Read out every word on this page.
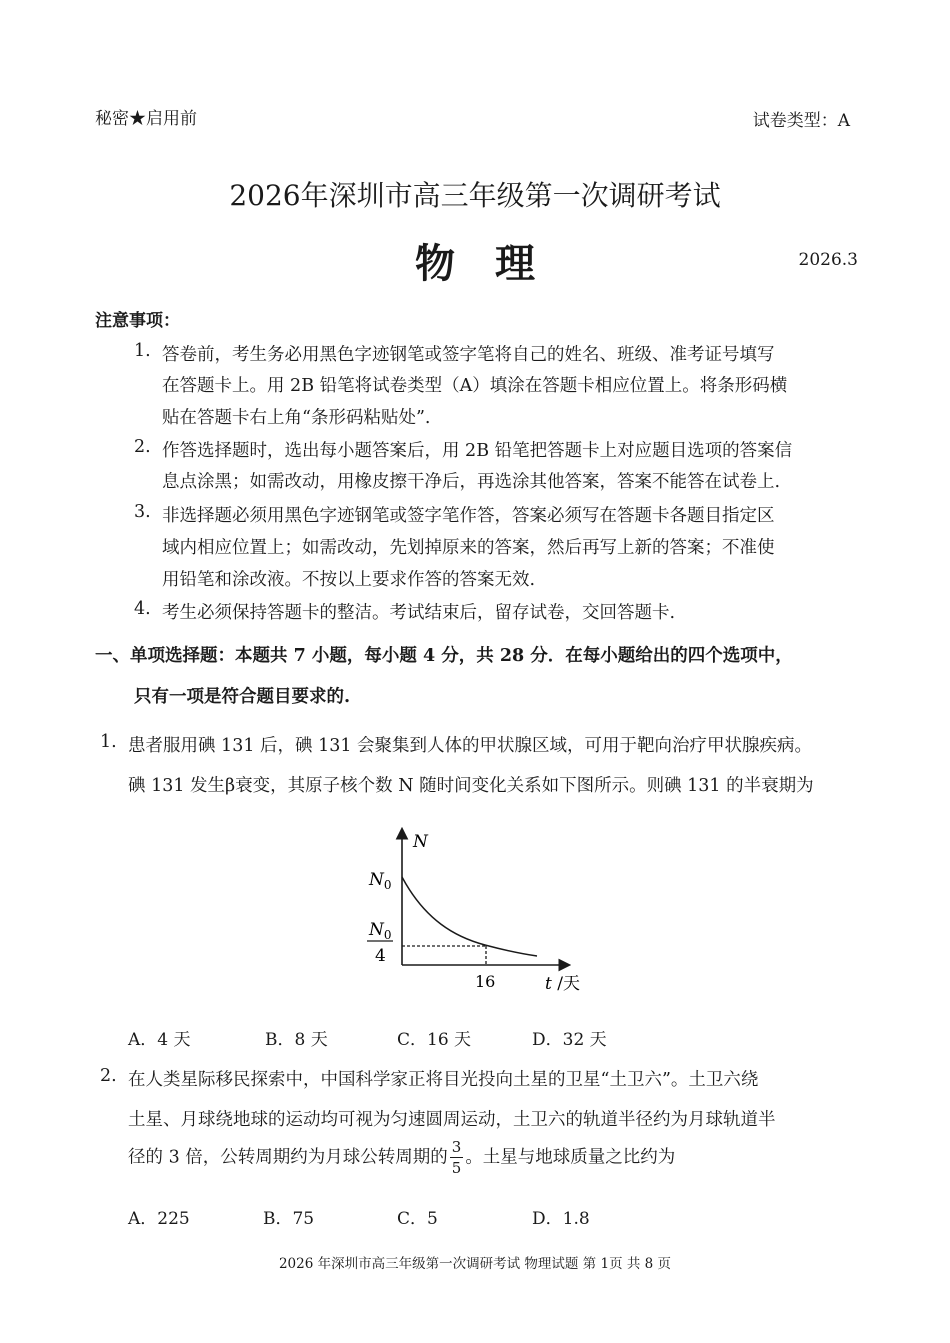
秘密★启用前	试卷类型：A
2026年深圳市高三年级第一次调研考试
物理	2026.3
注意事项：
1. 答卷前，考生务必用黑色字迹钢笔或签字笔将自己的姓名、班级、准考证号填写
在答题卡上。用 2B 铅笔将试卷类型（A）填涂在答题卡相应位置上。将条形码横
贴在答题卡右上角“条形码粘贴处”.
2. 作答选择题时，选出每小题答案后，用 2B 铅笔把答题卡上对应题目选项的答案信
息点涂黑；如需改动，用橡皮擦干净后，再选涂其他答案，答案不能答在试卷上.
3. 非选择题必须用黑色字迹钢笔或签字笔作答，答案必须写在答题卡各题目指定区
域内相应位置上；如需改动，先划掉原来的答案，然后再写上新的答案；不准使
用铅笔和涂改液。不按以上要求作答的答案无效.
4. 考生必须保持答题卡的整洁。考试结束后，留存试卷，交回答题卡.
一、单项选择题：本题共 7 小题，每小题 4 分，共 28 分．在每小题给出的四个选项中，
只有一项是符合题目要求的.
1. 患者服用碘 131 后，碘 131 会聚集到人体的甲状腺区域，可用于靶向治疗甲状腺疾病。
碘 131 发生β衰变，其原子核个数 N 随时间变化关系如下图所示。则碘 131 的半衰期为
N
$N_0$
$N_0$
4
16	t /天
A．4 天	B．8 天	C．16 天	D．32 天
2. 在人类星际移民探索中，中国科学家正将目光投向土星的卫星“土卫六”。土卫六绕
土星、月球绕地球的运动均可视为匀速圆周运动，土卫六的轨道半径约为月球轨道半
径的 3 倍，公转周期约为月球公转周期的 $\frac{3}{5}$ 。土星与地球质量之比约为
A．225	B．75	C．5	D．1.8
2026 年深圳市高三年级第一次调研考试 物理试题 第 1页 共 8 页
